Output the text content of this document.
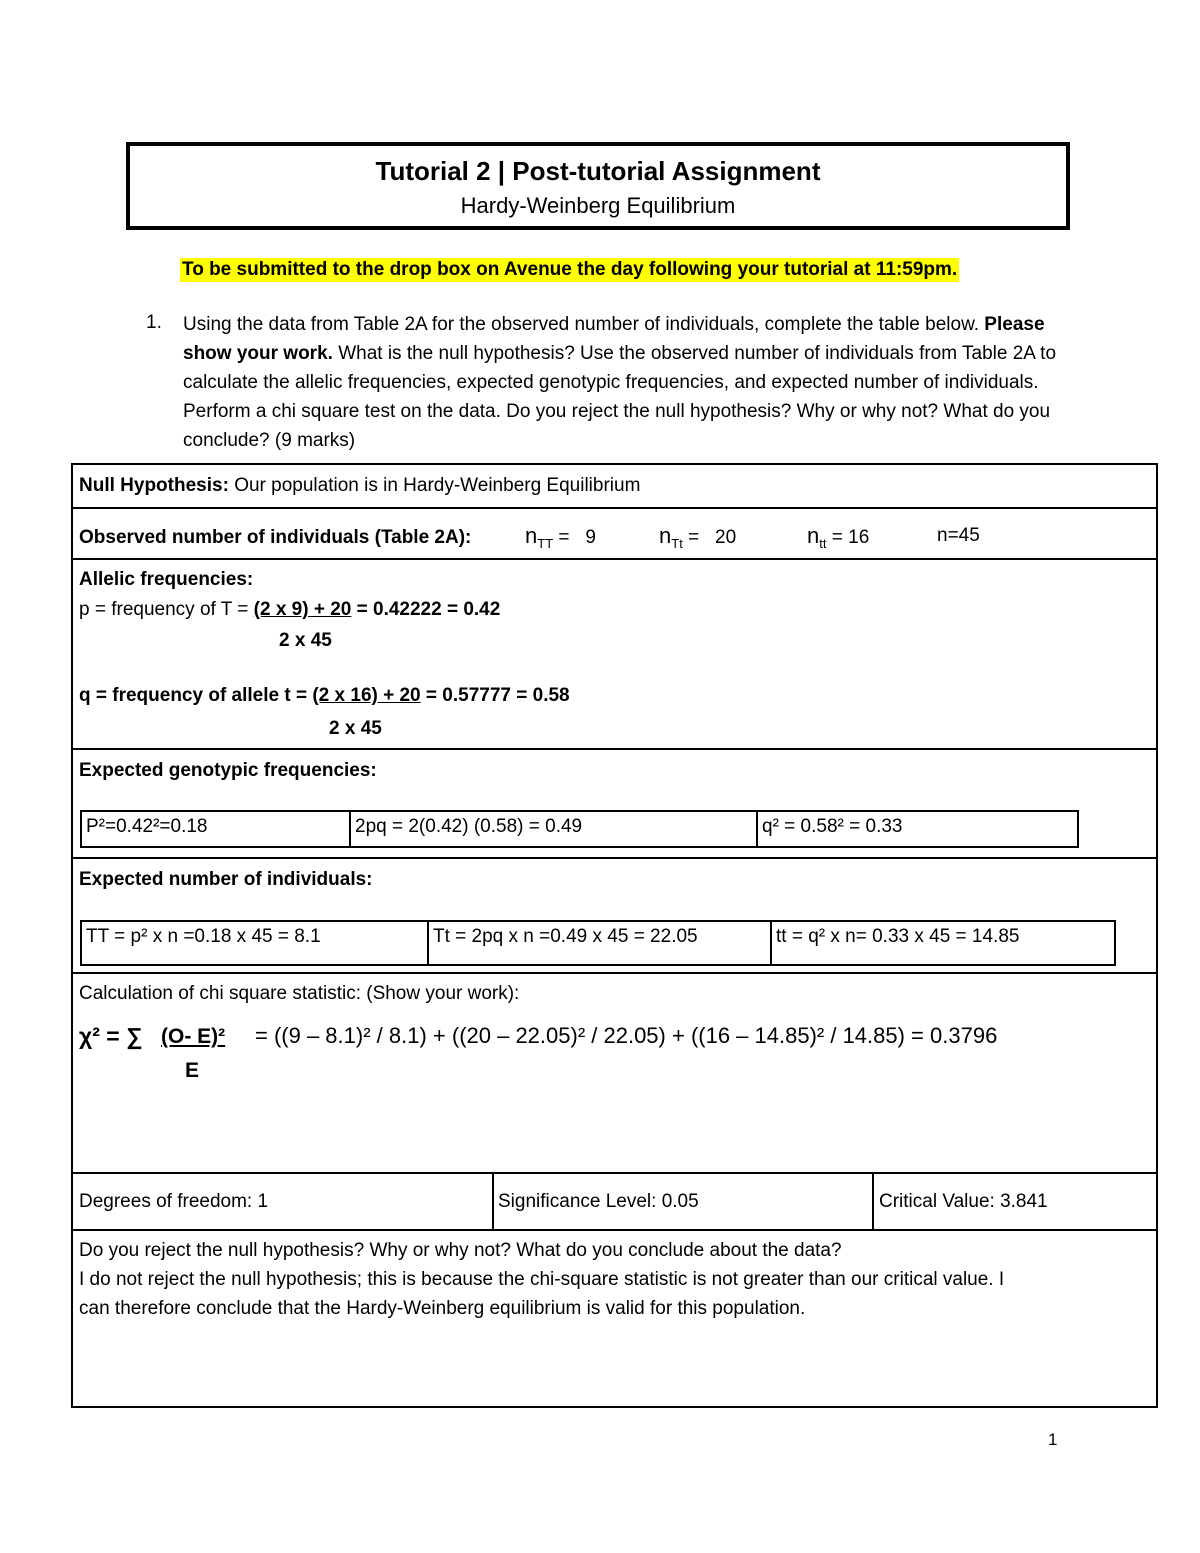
Tutorial 2 | Post-tutorial Assignment
Hardy-Weinberg Equilibrium
To be submitted to the drop box on Avenue the day following your tutorial at 11:59pm.
1. Using the data from Table 2A for the observed number of individuals, complete the table below. Please show your work. What is the null hypothesis? Use the observed number of individuals from Table 2A to calculate the allelic frequencies, expected genotypic frequencies, and expected number of individuals. Perform a chi square test on the data. Do you reject the null hypothesis? Why or why not? What do you conclude? (9 marks)
Null Hypothesis: Our population is in Hardy-Weinberg Equilibrium
Observed number of individuals (Table 2A): $n_{TT} = 9$	$n_{Tt} = 20$	$n_{tt} = 16$	n=45
Allelic frequencies:
p = frequency of T = (2 x 9) + 20 = 0.42222 = 0.42
2 x 45
q = frequency of allele t = (2 x 16) + 20 = 0.57777 = 0.58
2 x 45
Expected genotypic frequencies:
P²=0.42²=0.18	2pq = 2(0.42) (0.58) = 0.49	q² = 0.58² = 0.33
Expected number of individuals:
TT = p² x n =0.18 x 45 = 8.1	Tt = 2pq x n =0.49 x 45 = 22.05	tt = q² x n= 0.33 x 45 = 14.85
Calculation of chi square statistic: (Show your work):
χ² = ∑ (O- E)²
E
= ((9 – 8.1)² / 8.1) + ((20 – 22.05)² / 22.05) + ((16 – 14.85)² / 14.85) = 0.3796
Degrees of freedom: 1	Significance Level: 0.05	Critical Value: 3.841
Do you reject the null hypothesis? Why or why not? What do you conclude about the data?
I do not reject the null hypothesis; this is because the chi-square statistic is not greater than our critical value. I
can therefore conclude that the Hardy-Weinberg equilibrium is valid for this population.
1
